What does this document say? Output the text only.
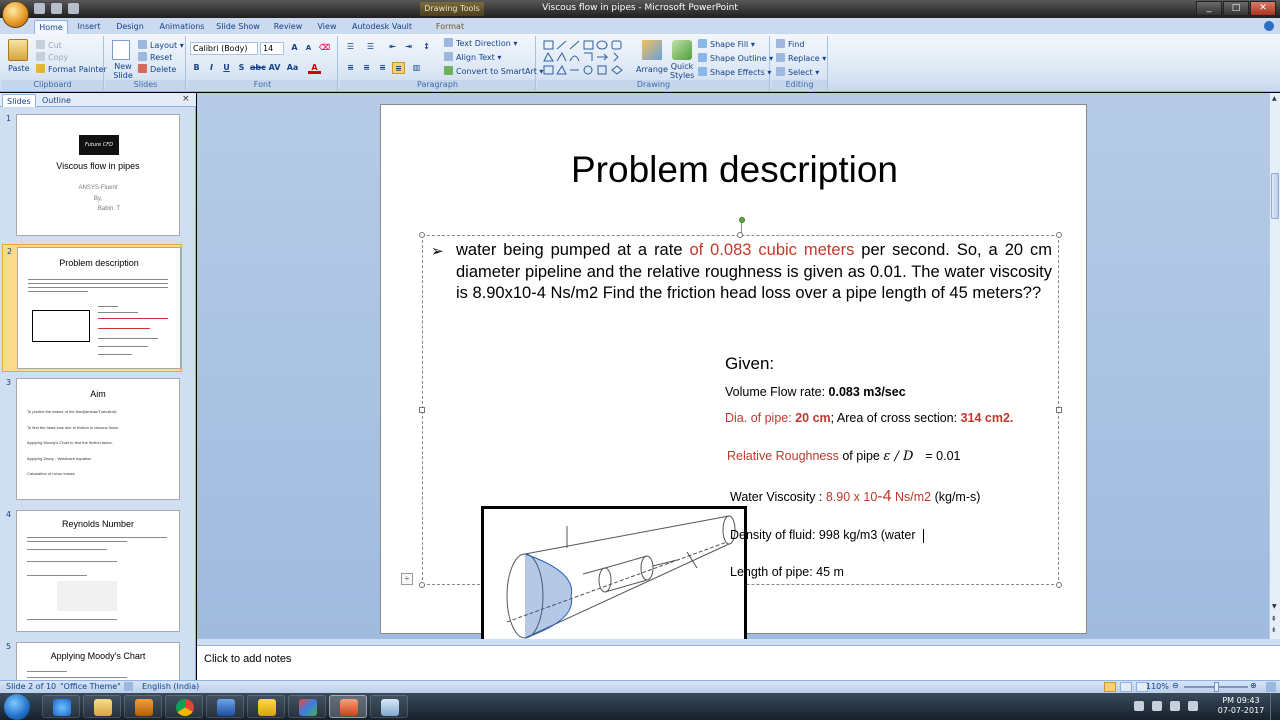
Drawing Tools	Viscous flow in pipes - Microsoft PowerPoint	_	□	✕
Home	Insert	Design	Animations	Slide Show	Review	View	Autodesk Vault	Format
Paste
Cut
Copy
Format Painter
Clipboard
New Slide
Layout ▾
Reset
Delete
Slides
Calibri (Body)	14	A	A ⌫
B	I	U	S abc AV Aa	A
Font
☰	☰	⇤	⇥	↕
≡	≡	≡	≡	▥
Text Direction ▾
Align Text ▾
Convert to SmartArt ▾
Paragraph
Arrange Quick Styles
Shape Fill ▾
Shape Outline ▾
Shape Effects ▾
Drawing
Find
Replace ▾
Select ▾
Editing
Slides	Outline	×
1
Future CFD
Viscous flow in pipes
ANSYS-Fluent
By,
Babin. T
2
Problem description
3
Aim
To predict the nature of the flow(laminar/Turbulent).
To find the head loss due to friction in viscous flows.
Applying Moody's Chart to find the friction factor.
Applying Darcy - Weisbach equation
Calculation of minor losses
4
Reynolds Number
5
Applying Moody's Chart
Problem description
➢ water being pumped at a rate of 0.083 cubic meters per second. So, a 20 cm diameter pipeline and the relative roughness is given as 0.01. The water viscosity is 8.90x10-4 Ns/m2 Find the friction head loss over a pipe length of 45 meters??
Given:
Volume Flow rate: 0.083 m3/sec
Dia. of pipe: 20 cm; Area of cross section: 314 cm2.
Relative Roughness of pipe ε / D = 0.01
Water Viscosity : 8.90 x 10-4 Ns/m2 (kg/m-s)
Density of fluid: 998 kg/m3 (water
Length of pipe: 45 m
÷
▲
▼
⇞
⇟
Click to add notes
Slide 2 of 10 "Office Theme"	English (India)	110% ⊖	⊕
PM 09:43
07-07-2017
